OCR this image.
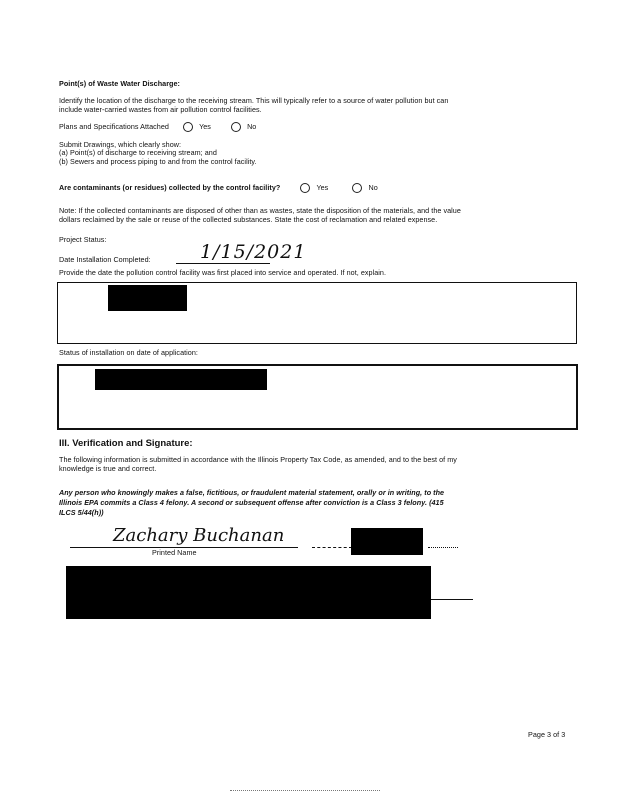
Point(s) of Waste Water Discharge:
Identify the location of the discharge to the receiving stream. This will typically refer to a source of water pollution but can
include water-carried wastes from air pollution control facilities.
Plans and Specifications Attached	Yes	No
Submit Drawings, which clearly show:
(a) Point(s) of discharge to receiving stream; and
(b) Sewers and process piping to and from the control facility.
Are contaminants (or residues) collected by the control facility?	Yes	No
Note: If the collected contaminants are disposed of other than as wastes, state the disposition of the materials, and the value
dollars reclaimed by the sale or reuse of the collected substances. State the cost of reclamation and related expense.
Project Status:
Date Installation Completed:	1/15/2021
Provide the date the pollution control facility was first placed into service and operated. If not, explain.
Status of installation on date of application:
III. Verification and Signature:
The following information is submitted in accordance with the Illinois Property Tax Code, as amended, and to the best of my
knowledge is true and correct.
Any person who knowingly makes a false, fictitious, or fraudulent material statement, orally or in writing, to the
Illinois EPA commits a Class 4 felony. A second or subsequent offense after conviction is a Class 3 felony. (415
ILCS 5/44(h))
Zachary Buchanan
Printed Name
Page 3 of 3
